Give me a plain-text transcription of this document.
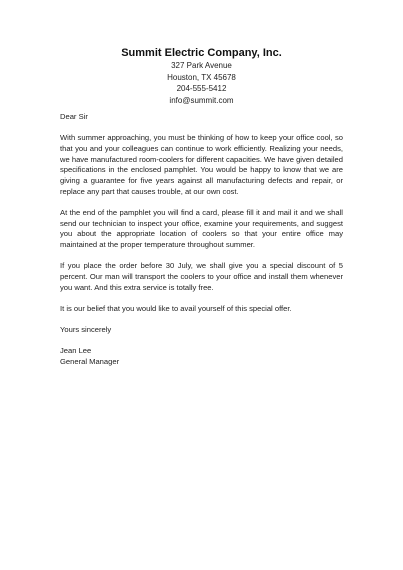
Summit Electric Company, Inc.
327 Park Avenue
Houston, TX 45678
204-555-5412
info@summit.com
Dear Sir

With summer approaching, you must be thinking of how to keep your office cool, so that you and your colleagues can continue to work efficiently. Realizing your needs, we have manufactured room-coolers for different capacities. We have given detailed specifications in the enclosed pamphlet. You would be happy to know that we are giving a guarantee for five years against all manufacturing defects and repair, or replace any part that causes trouble, at our own cost.

At the end of the pamphlet you will find a card, please fill it and mail it and we shall send our technician to inspect your office, examine your requirements, and suggest you about the appropriate location of coolers so that your entire office may maintained at the proper temperature throughout summer.

If you place the order before 30 July, we shall give you a special discount of 5 percent. Our man will transport the coolers to your office and install them whenever you want. And this extra service is totally free.

It is our belief that you would like to avail yourself of this special offer.

Yours sincerely
Jean Lee
General Manager
